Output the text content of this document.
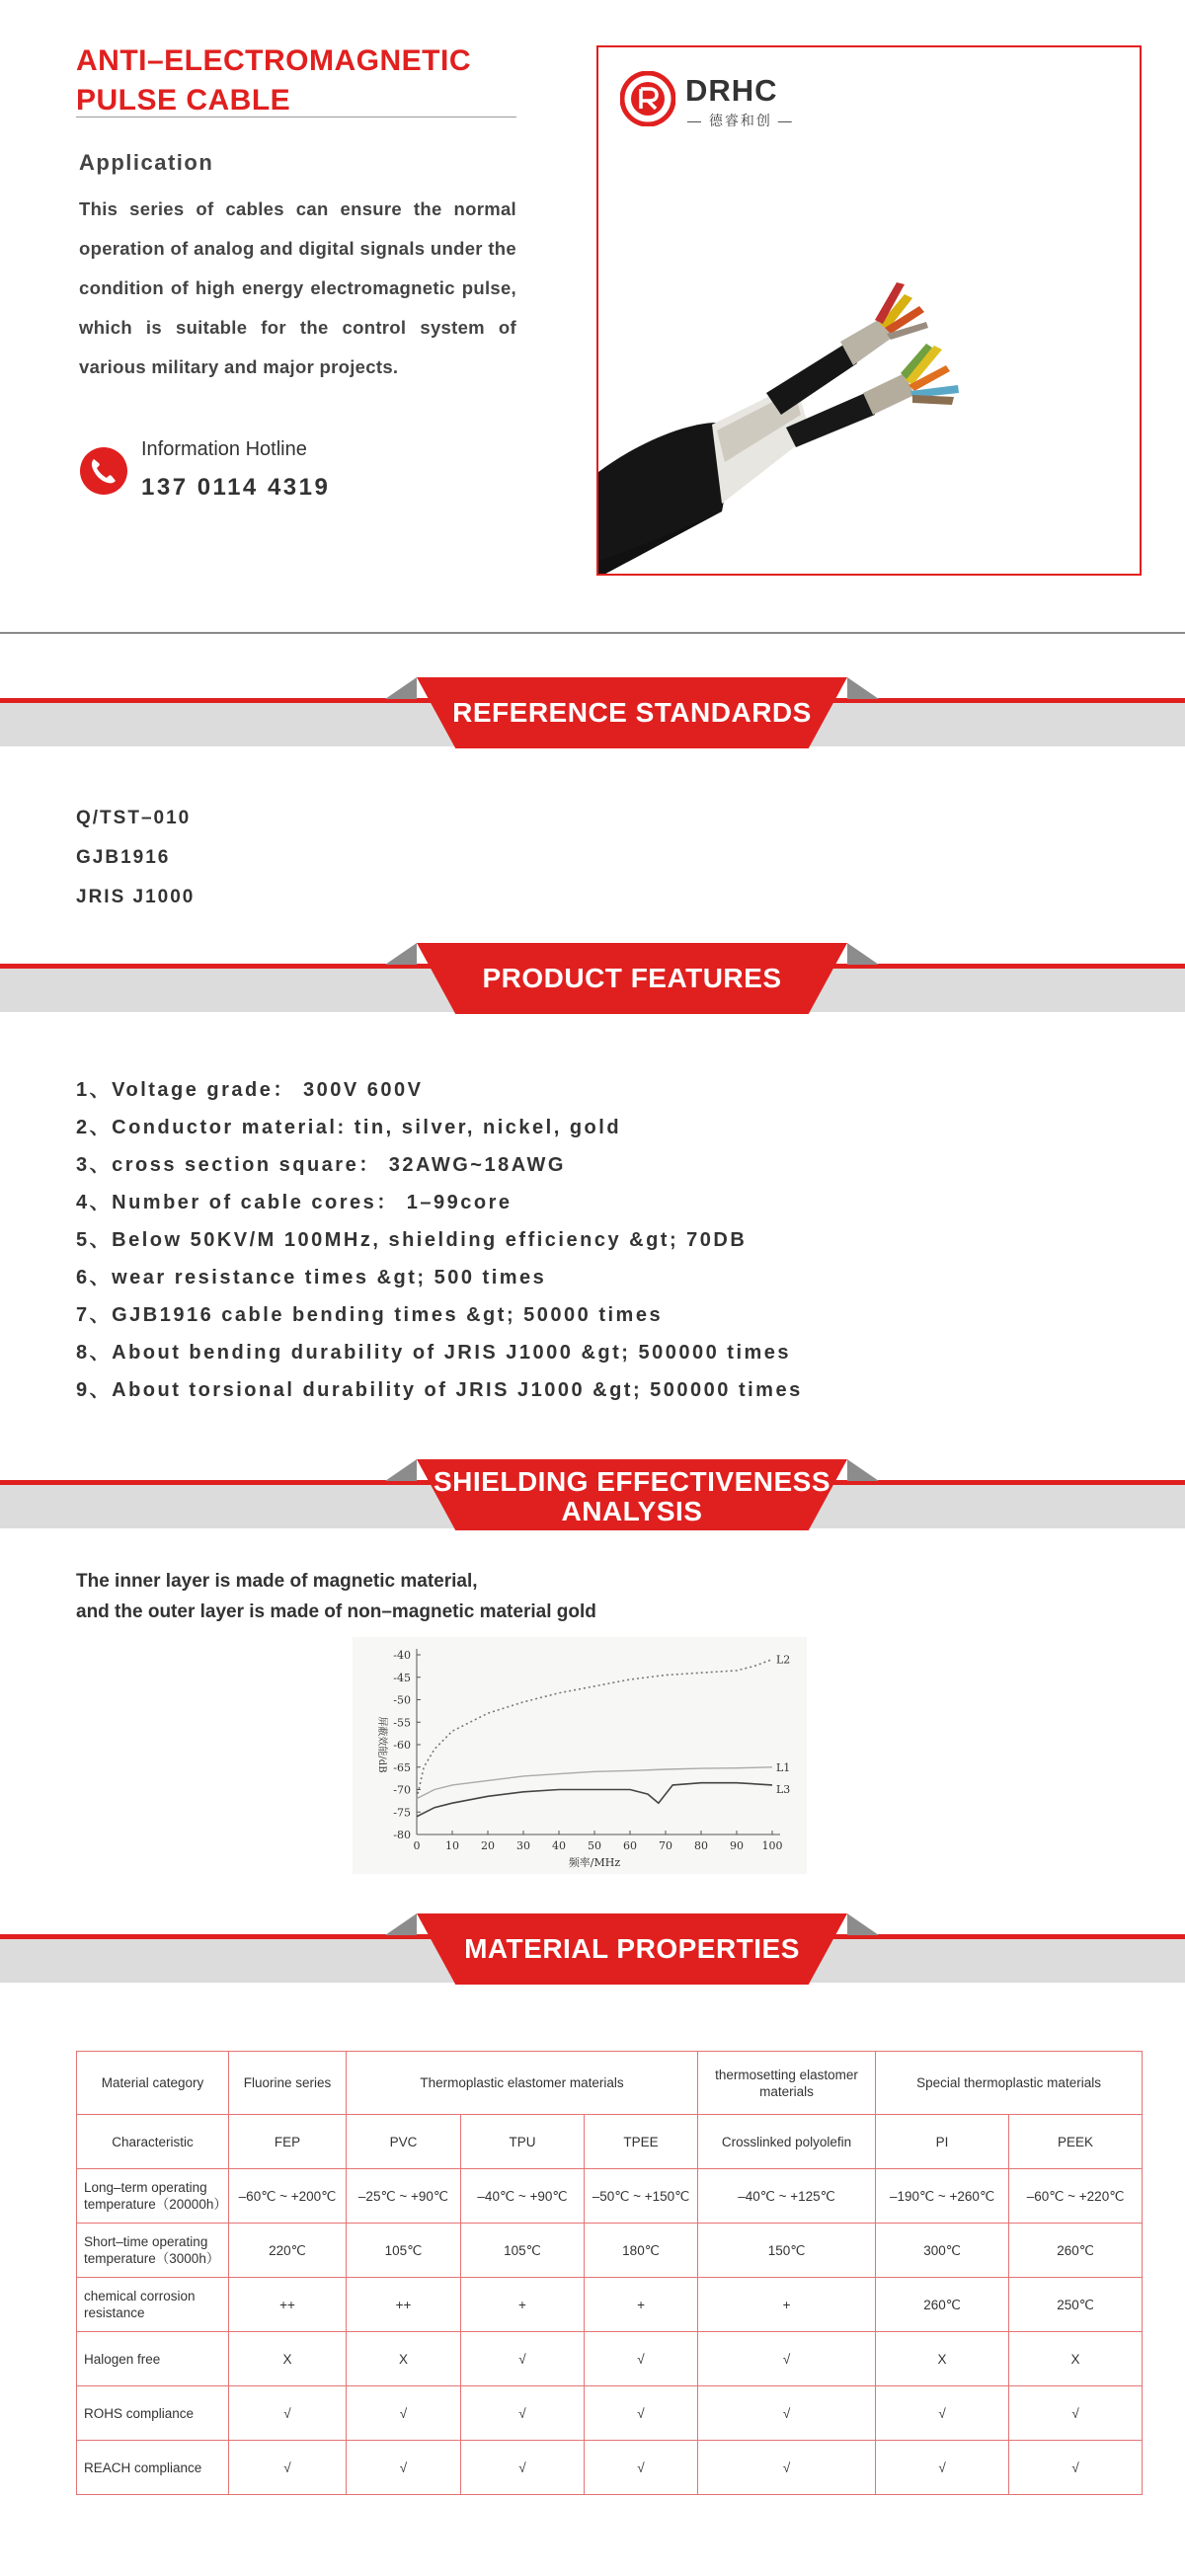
ANTI–ELECTROMAGNETIC
PULSE CABLE
Application
This series of cables can ensure the normal operation of analog and digital signals under the condition of high energy electromagnetic pulse, which is suitable for the control system of various military and major projects.
Information Hotline
137 0114 4319
DRHC
— 德睿和创 —
REFERENCE STANDARDS
Q/TST–010
GJB1916
JRIS J1000
PRODUCT FEATURES
1、Voltage grade： 300V 600V
2、Conductor material: tin, silver, nickel, gold
3、cross section square： 32AWG~18AWG
4、Number of cable cores： 1–99core
5、Below 50KV/M 100MHz, shielding efficiency &gt; 70DB
6、wear resistance times &gt; 500 times
7、GJB1916 cable bending times &gt; 50000 times
8、About bending durability of JRIS J1000 &gt; 500000 times
9、About torsional durability of JRIS J1000 &gt; 500000 times
SHIELDING EFFECTIVENESS
ANALYSIS
The inner layer is made of magnetic material,
and the outer layer is made of non–magnetic material gold
-40
-45
-50
-55
-60
-65
-70
-75
-80
0 10 20 30 40 50 60 70 80 90 100
频率/MHz
屏蔽效能/dB
L2
L1
L3
MATERIAL PROPERTIES
Material category	Fluorine series	Thermoplastic elastomer materials			thermosetting elastomer materials	Special thermoplastic materials	
Characteristic	FEP	PVC	TPU	TPEE	Crosslinked polyolefin	PI	PEEK
Long–term operating temperature（20000h）	–60℃ ~ +200℃	–25℃ ~ +90℃	–40℃ ~ +90℃	–50℃ ~ +150℃	–40℃ ~ +125℃	–190℃ ~ +260℃	–60℃ ~ +220℃
Short–time operating temperature（3000h）	220℃	105℃	105℃	180℃	150℃	300℃	260℃
chemical corrosion resistance	++	++	+	+	+	260℃	250℃
Halogen free	X	X	√	√	√	X	X
ROHS compliance	√	√	√	√	√	√	√
REACH compliance	√	√	√	√	√	√	√
